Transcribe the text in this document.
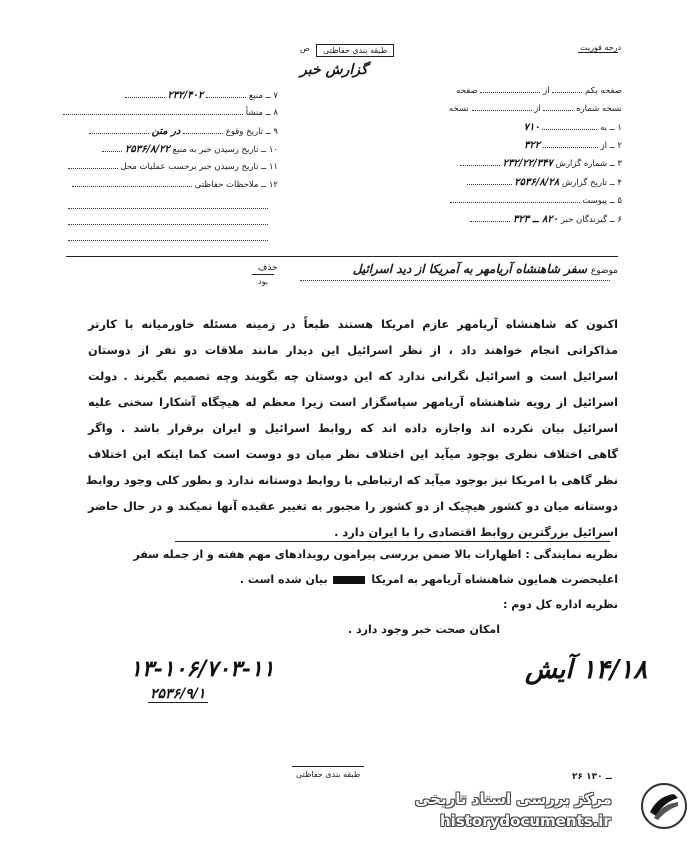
طبقه بندی حفاظتی
ص
گزارش خبر
درجه فوریت
صفحه یکم  از  صفحه
نسخه شماره  از  نسخه
۱ ــ به  ۷۱۰
۲ ــ از  ۳۲۲
۳ ــ شماره گزارش ۲۳۲/۲۲/۳۴۷
۴ ــ تاریخ گزارش ۲۵۳۶/۸/۲۸
۵ ــ پیوست
۶ ــ گیرندگان خبر ۸۲۰ ــ ۳۲۳
۷ ــ منبع  ۲۳۲/۴۰۲
۸ ــ منشأ
۹ ــ تاریخ وقوع  در متن
۱۰ ــ تاریخ رسیدن خبر به منبع ۲۵۳۶/۸/۲۲
۱۱ ــ تاریخ رسیدن خبر برحسب عملیات محل
۱۲ ــ ملاحظات حفاظتی
موضوع سفر شاهنشاه آریامهر به آمریکا از دید اسرائیل
حذف
بود
اکنون که شاهنشاه آریامهر عازم امریکا هستند طبعاً در زمینه مسئله خاورمیانه با کارتر
مذاکراتی انجام خواهند داد ، از نظر اسرائیل این دیدار مانند ملاقات دو نفر از دوستان
اسرائیل است و اسرائیل نگرانی ندارد که این دوستان چه بگویند وچه تصمیم بگیرند . دولت
اسرائیل از رویه شاهنشاه آریامهر سپاسگزار است زیرا معظم له هیچگاه آشکارا سخنی علیه
اسرائیل بیان نکرده اند واجازه داده اند که روابط اسرائیل و ایران برقرار باشد . واگر
گاهی اختلاف نظری بوجود میآید این اختلاف نظر میان دو دوست است کما اینکه این اختلاف
نظر گاهی با امریکا نیز بوجود میآید که ارتباطی با روابط دوستانه ندارد و بطور کلی وجود روابط
دوستانه میان دو کشور هیچیک از دو کشور را مجبور به تغییر عقیده آنها نمیکند و در حال حاضر
اسرائیل بزرگترین روابط اقتصادی را با ایران دارد .
نظریه نمایندگی : اظهارات بالا ضمن بررسی پیرامون رویدادهای مهم هفته و از جمله سفر
اعلیحضرت همایون شاهنشاه آریامهر به امریکا  بیان شده است .
نظریه اداره کل دوم :
امکان صحت خبر وجود دارد .
۱۳-۱۰۶/۷۰۳-۱۱
۲۵۳۶/۹/۱
۱۴/۱۸ آیش
طبقه بندی حفاظتی	۲۶ ــ ۱۳۰
مرکز بررسی اسناد تاریخی
historydocuments.ir
